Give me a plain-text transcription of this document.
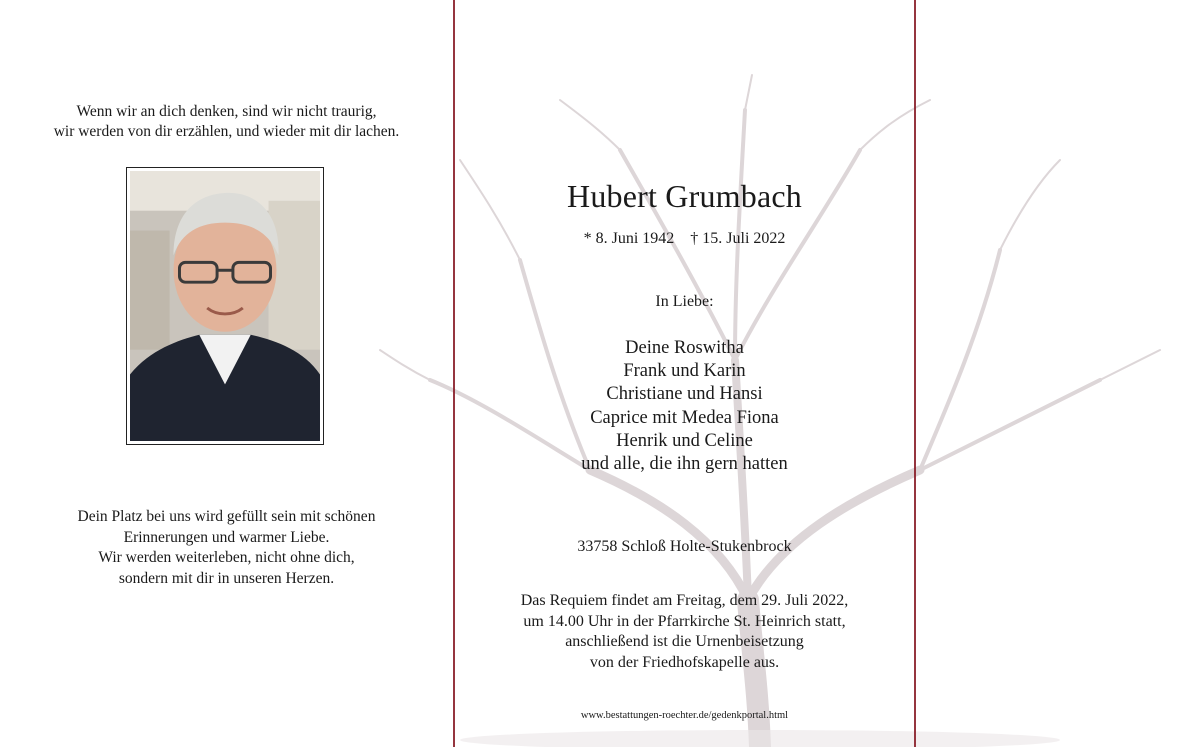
Wenn wir an dich denken, sind wir nicht traurig,
wir werden von dir erzählen, und wieder mit dir lachen.
Dein Platz bei uns wird gefüllt sein mit schönen
Erinnerungen und warmer Liebe.
Wir werden weiterleben, nicht ohne dich,
sondern mit dir in unseren Herzen.
Hubert Grumbach
* 8. Juni 1942 † 15. Juli 2022
In Liebe:
Deine Roswitha
Frank und Karin
Christiane und Hansi
Caprice mit Medea Fiona
Henrik und Celine
und alle, die ihn gern hatten
33758 Schloß Holte-Stukenbrock
Das Requiem findet am Freitag, dem 29. Juli 2022,
um 14.00 Uhr in der Pfarrkirche St. Heinrich statt,
anschließend ist die Urnenbeisetzung
von der Friedhofskapelle aus.
www.bestattungen-roechter.de/gedenkportal.html
